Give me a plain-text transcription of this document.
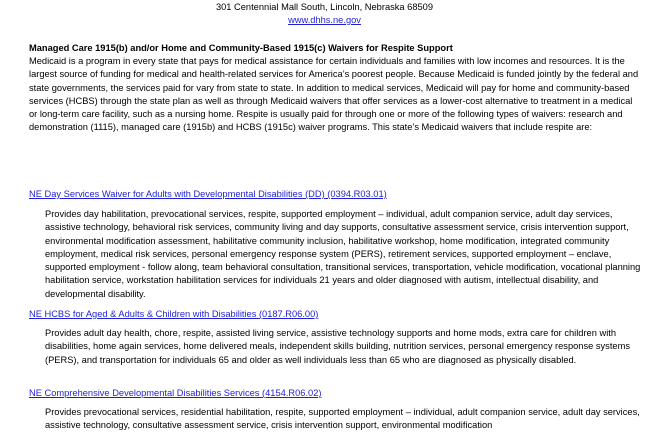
301 Centennial Mall South, Lincoln, Nebraska 68509
www.dhhs.ne.gov
Managed Care 1915(b) and/or Home and Community-Based 1915(c) Waivers for Respite Support

Medicaid is a program in every state that pays for medical assistance for certain individuals and families with low incomes and resources. It is the largest source of funding for medical and health-related services for America’s poorest people. Because Medicaid is funded jointly by the federal and state governments, the services paid for vary from state to state. In addition to medical services, Medicaid will pay for home and community-based services (HCBS) through the state plan as well as through Medicaid waivers that offer services as a lower-cost alternative to treatment in a medical or long-term care facility, such as a nursing home. Respite is usually paid for through one or more of the following types of waivers: research and demonstration (1115), managed care (1915b) and HCBS (1915c) waiver programs. This state’s Medicaid waivers that include respite are:

NE Day Services Waiver for Adults with Developmental Disabilities (DD) (0394.R03.01)

Provides day habilitation, prevocational services, respite, supported employment – individual, adult companion service, adult day services, assistive technology, behavioral risk services, community living and day supports, consultative assessment service, crisis intervention support, environmental modification assessment, habilitative community inclusion, habilitative workshop, home modification, integrated community employment, medical risk services, personal emergency response system (PERS), retirement services, supported employment – enclave, supported employment - follow along, team behavioral consultation, transitional services, transportation, vehicle modification, vocational planning habilitation service, workstation habilitation services for individuals 21 years and older diagnosed with autism, intellectual disability, and developmental disability.

NE HCBS for Aged & Adults & Children with Disabilities (0187.R06.00)

Provides adult day health, chore, respite, assisted living service, assistive technology supports and home mods, extra care for children with disabilities, home again services, home delivered meals, independent skills building, nutrition services, personal emergency response systems (PERS), and transportation for individuals 65 and older as well individuals less than 65 who are diagnosed as physically disabled.

NE Comprehensive Developmental Disabilities Services (4154.R06.02)

Provides prevocational services, residential habilitation, respite, supported employment – individual, adult companion service, adult day services, assistive technology, consultative assessment service, crisis intervention support, environmental modification
